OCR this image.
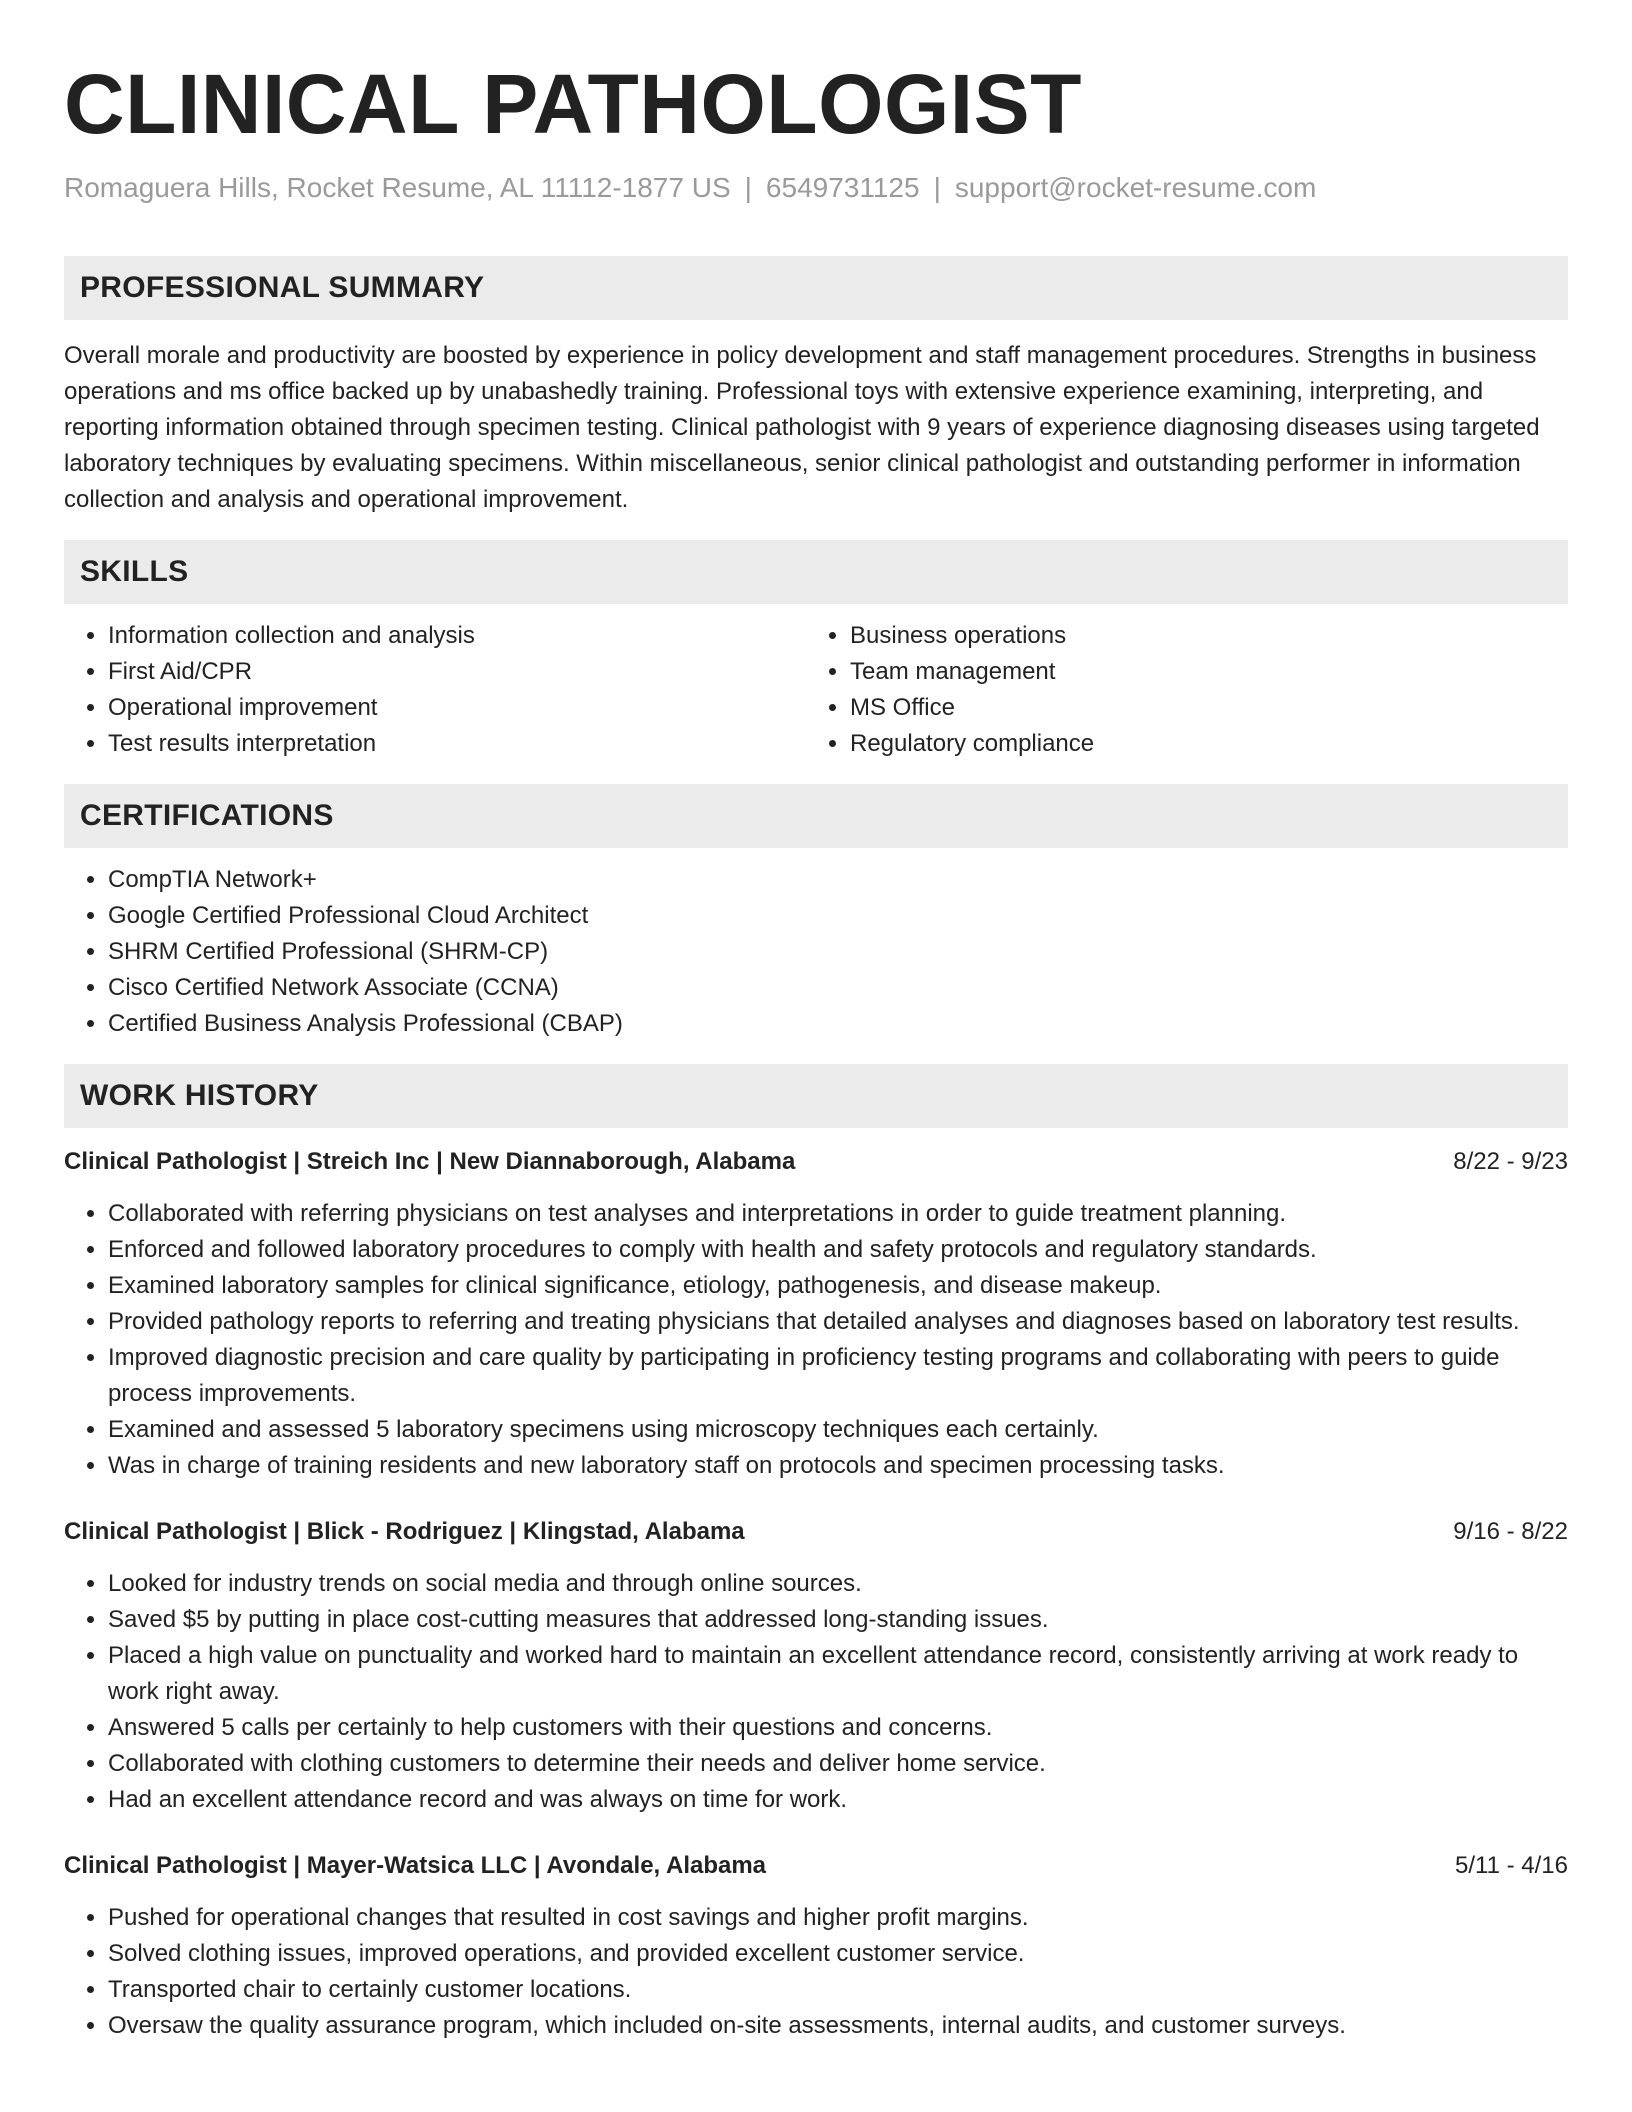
CLINICAL PATHOLOGIST
Romaguera Hills, Rocket Resume, AL 11112-1877 US | 6549731125 | support@rocket-resume.com
PROFESSIONAL SUMMARY

Overall morale and productivity are boosted by experience in policy development and staff management procedures. Strengths in business operations and ms office backed up by unabashedly training. Professional toys with extensive experience examining, interpreting, and reporting information obtained through specimen testing. Clinical pathologist with 9 years of experience diagnosing diseases using targeted laboratory techniques by evaluating specimens. Within miscellaneous, senior clinical pathologist and outstanding performer in information collection and analysis and operational improvement.

SKILLS
• Information collection and analysis
• First Aid/CPR
• Operational improvement
• Test results interpretation
• Business operations
• Team management
• MS Office
• Regulatory compliance
CERTIFICATIONS
• CompTIA Network+
• Google Certified Professional Cloud Architect
• SHRM Certified Professional (SHRM-CP)
• Cisco Certified Network Associate (CCNA)
• Certified Business Analysis Professional (CBAP)
WORK HISTORY
Clinical Pathologist | Streich Inc | New Diannaborough, Alabama	8/22 - 9/23
• Collaborated with referring physicians on test analyses and interpretations in order to guide treatment planning.
• Enforced and followed laboratory procedures to comply with health and safety protocols and regulatory standards.
• Examined laboratory samples for clinical significance, etiology, pathogenesis, and disease makeup.
• Provided pathology reports to referring and treating physicians that detailed analyses and diagnoses based on laboratory test results.
• Improved diagnostic precision and care quality by participating in proficiency testing programs and collaborating with peers to guide process improvements.
• Examined and assessed 5 laboratory specimens using microscopy techniques each certainly.
• Was in charge of training residents and new laboratory staff on protocols and specimen processing tasks.
Clinical Pathologist | Blick - Rodriguez | Klingstad, Alabama	9/16 - 8/22
• Looked for industry trends on social media and through online sources.
• Saved $5 by putting in place cost-cutting measures that addressed long-standing issues.
• Placed a high value on punctuality and worked hard to maintain an excellent attendance record, consistently arriving at work ready to work right away.
• Answered 5 calls per certainly to help customers with their questions and concerns.
• Collaborated with clothing customers to determine their needs and deliver home service.
• Had an excellent attendance record and was always on time for work.
Clinical Pathologist | Mayer-Watsica LLC | Avondale, Alabama	5/11 - 4/16
• Pushed for operational changes that resulted in cost savings and higher profit margins.
• Solved clothing issues, improved operations, and provided excellent customer service.
• Transported chair to certainly customer locations.
• Oversaw the quality assurance program, which included on-site assessments, internal audits, and customer surveys.
